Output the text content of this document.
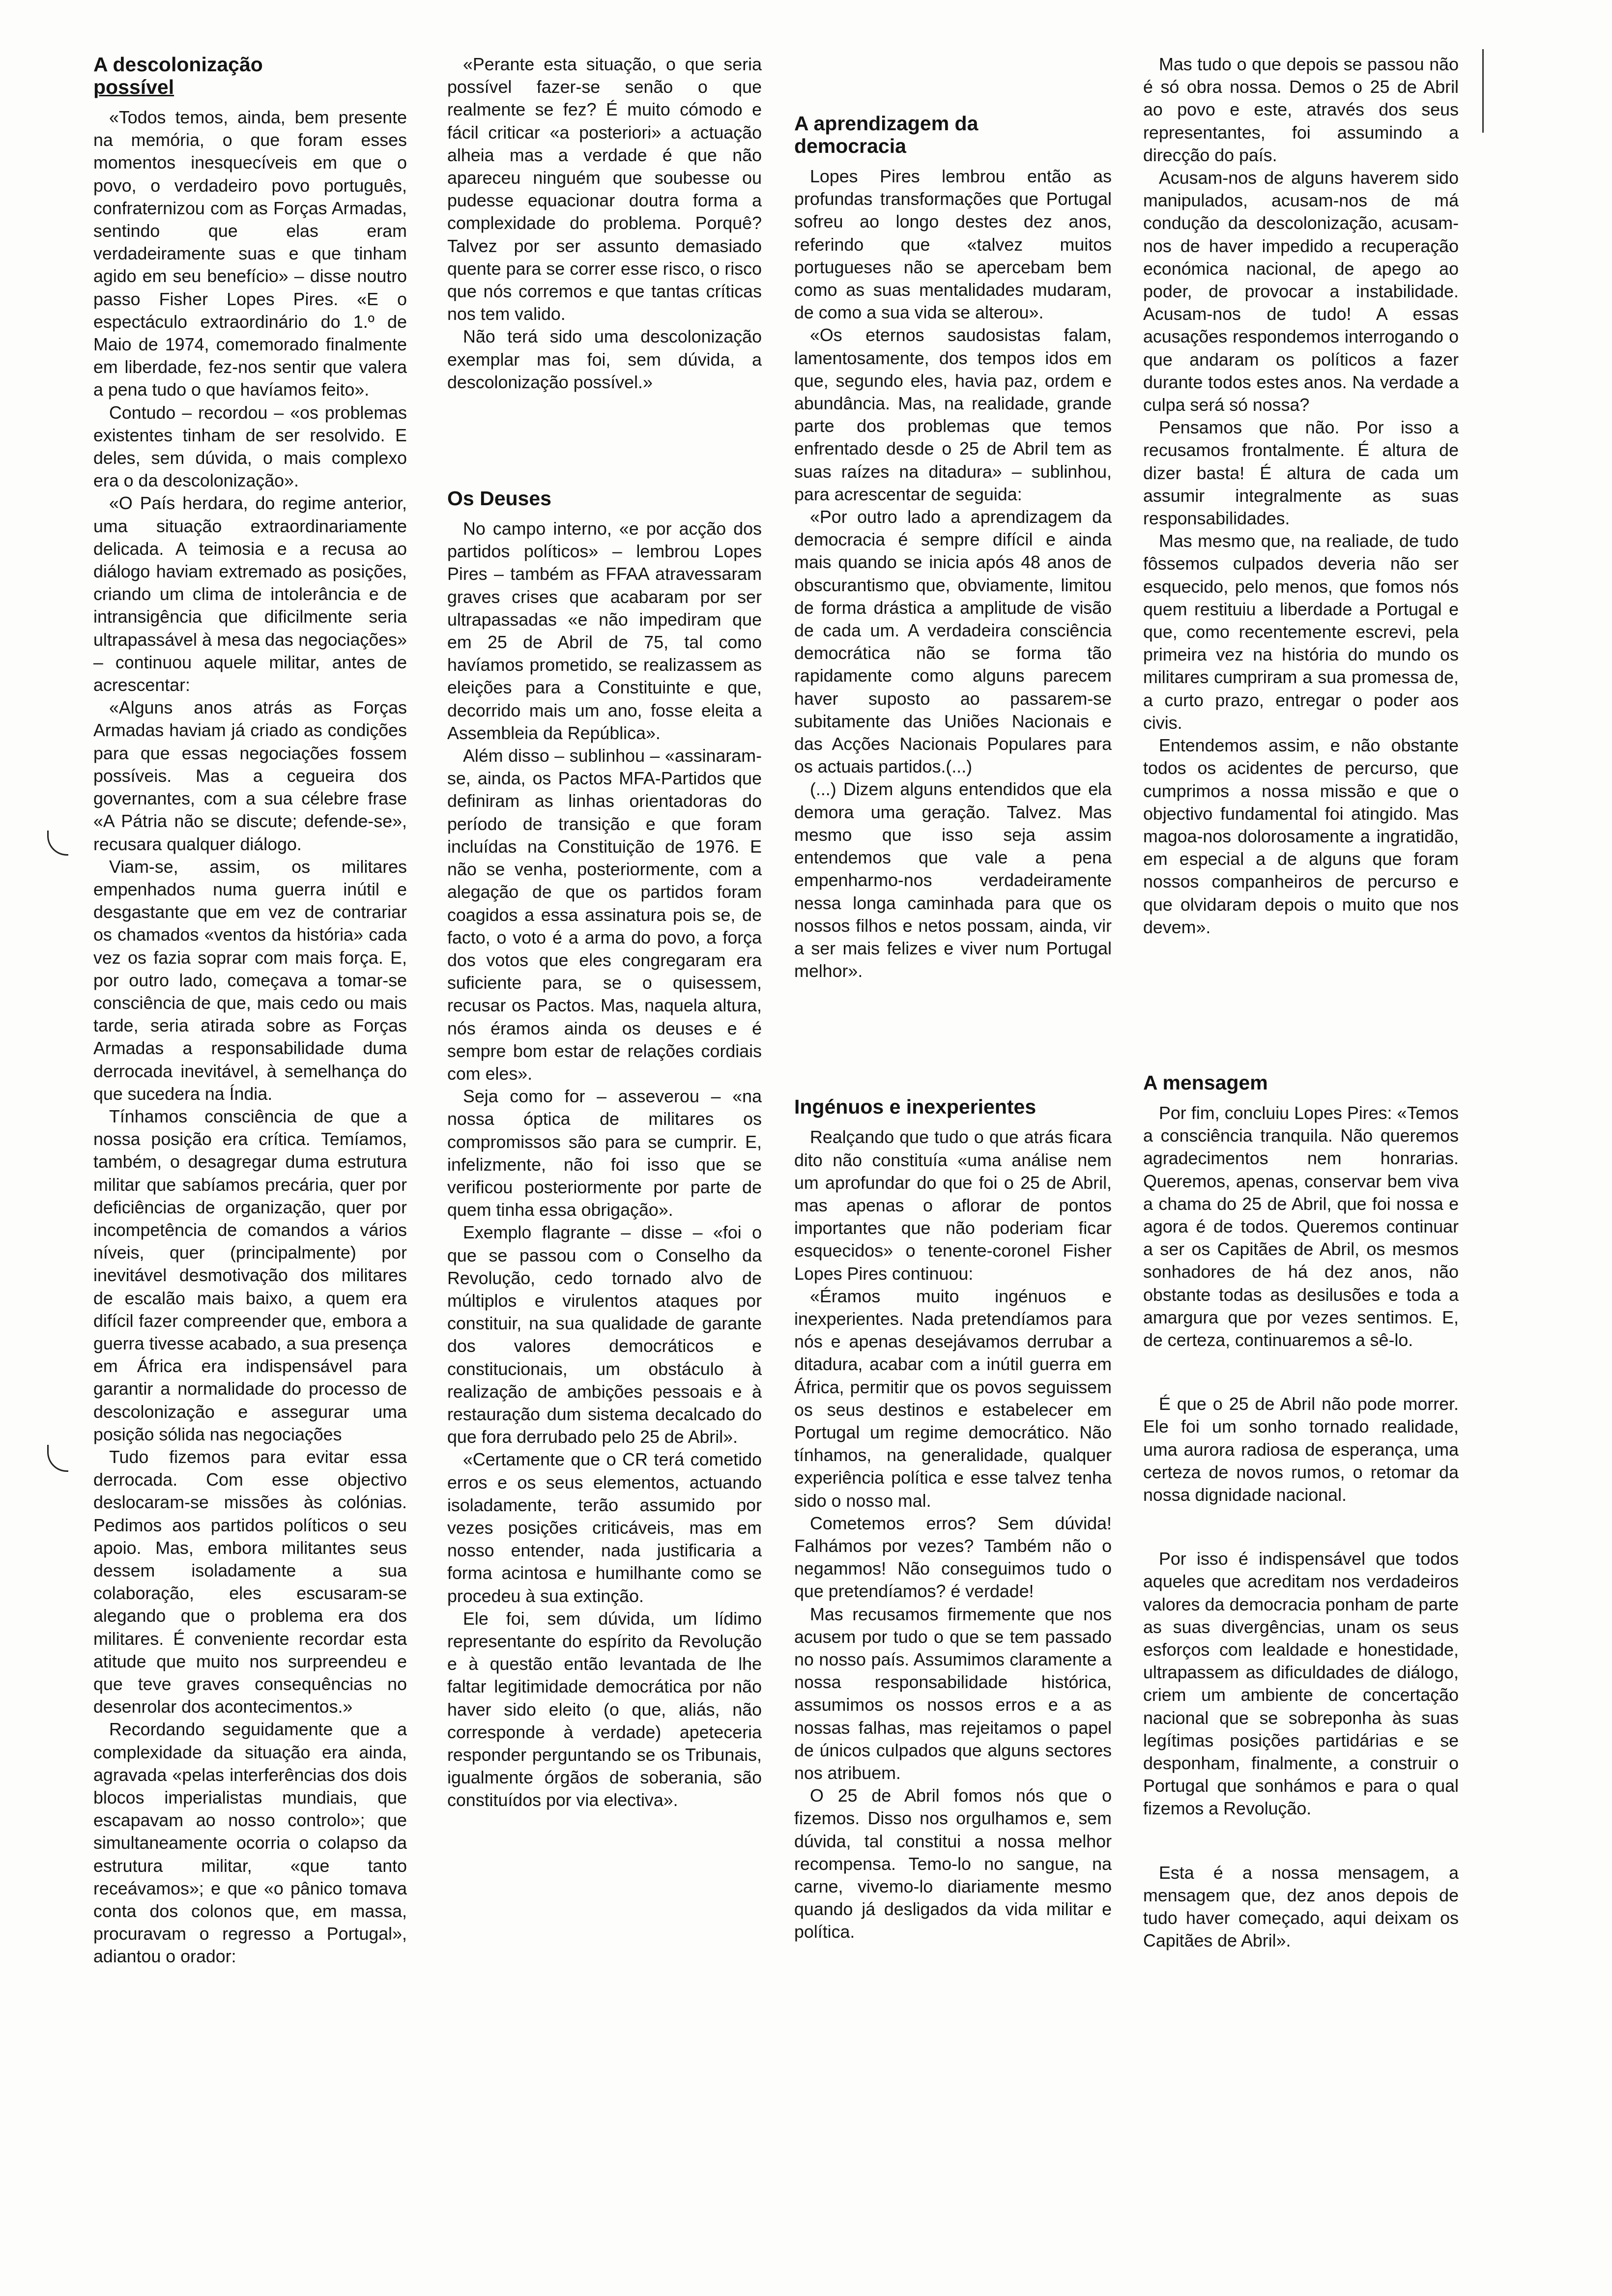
A descolonização
possível

«Todos temos, ainda, bem presente na memória, o que foram esses momentos inesquecíveis em que o povo, o verdadeiro povo português, confraternizou com as Forças Armadas, sentindo que elas eram verdadeiramente suas e que tinham agido em seu benefício» – disse noutro passo Fisher Lopes Pires. «E o espectáculo extraordinário do 1.º de Maio de 1974, comemorado finalmente em liberdade, fez-nos sentir que valera a pena tudo o que havíamos feito».

Contudo – recordou – «os problemas existentes tinham de ser resolvido. E deles, sem dúvida, o mais complexo era o da descolonização».

«O País herdara, do regime anterior, uma situação extraordinariamente delicada. A teimosia e a recusa ao diálogo haviam extremado as posições, criando um clima de intolerância e de intransigência que dificilmente seria ultrapassável à mesa das negociações» – continuou aquele militar, antes de acrescentar:

«Alguns anos atrás as Forças Armadas haviam já criado as condições para que essas negociações fossem possíveis. Mas a cegueira dos governantes, com a sua célebre frase «A Pátria não se discute; defende-se», recusara qualquer diálogo.

Viam-se, assim, os militares empenhados numa guerra inútil e desgastante que em vez de contrariar os chamados «ventos da história» cada vez os fazia soprar com mais força. E, por outro lado, começava a tomar-se consciência de que, mais cedo ou mais tarde, seria atirada sobre as Forças Armadas a responsabilidade duma derrocada inevitável, à semelhança do que sucedera na Índia.

Tínhamos consciência de que a nossa posição era crítica. Temíamos, também, o desagregar duma estrutura militar que sabíamos precária, quer por deficiências de organização, quer por incompetência de comandos a vários níveis, quer (principalmente) por inevitável desmotivação dos militares de escalão mais baixo, a quem era difícil fazer compreender que, embora a guerra tivesse acabado, a sua presença em África era indispensável para garantir a normalidade do processo de descolonização e assegurar uma posição sólida nas negociações

Tudo fizemos para evitar essa derrocada. Com esse objectivo deslocaram-se missões às colónias. Pedimos aos partidos políticos o seu apoio. Mas, embora militantes seus dessem isoladamente a sua colaboração, eles escusaram-se alegando que o problema era dos militares. É conveniente recordar esta atitude que muito nos surpreendeu e que teve graves consequências no desenrolar dos acontecimentos.»

Recordando seguidamente que a complexidade da situação era ainda, agravada «pelas interferências dos dois blocos imperialistas mundiais, que escapavam ao nosso controlo»; que simultaneamente ocorria o colapso da estrutura militar, «que tanto receávamos»; e que «o pânico tomava conta dos colonos que, em massa, procuravam o regresso a Portugal», adiantou o orador:

«Perante esta situação, o que seria possível fazer-se senão o que realmente se fez? É muito cómodo e fácil criticar «a posteriori» a actuação alheia mas a verdade é que não apareceu ninguém que soubesse ou pudesse equacionar doutra forma a complexidade do problema. Porquê? Talvez por ser assunto demasiado quente para se correr esse risco, o risco que nós corremos e que tantas críticas nos tem valido.

Não terá sido uma descolonização exemplar mas foi, sem dúvida, a descolonização possível.»

Os Deuses

No campo interno, «e por acção dos partidos políticos» – lembrou Lopes Pires – também as FFAA atravessaram graves crises que acabaram por ser ultrapassadas «e não impediram que em 25 de Abril de 75, tal como havíamos prometido, se realizassem as eleições para a Constituinte e que, decorrido mais um ano, fosse eleita a Assembleia da República».

Além disso – sublinhou – «assinaram-se, ainda, os Pactos MFA-Partidos que definiram as linhas orientadoras do período de transição e que foram incluídas na Constituição de 1976. E não se venha, posteriormente, com a alegação de que os partidos foram coagidos a essa assinatura pois se, de facto, o voto é a arma do povo, a força dos votos que eles congregaram era suficiente para, se o quisessem, recusar os Pactos. Mas, naquela altura, nós éramos ainda os deuses e é sempre bom estar de relações cordiais com eles».

Seja como for – asseverou – «na nossa óptica de militares os compromissos são para se cumprir. E, infelizmente, não foi isso que se verificou posteriormente por parte de quem tinha essa obrigação».

Exemplo flagrante – disse – «foi o que se passou com o Conselho da Revolução, cedo tornado alvo de múltiplos e virulentos ataques por constituir, na sua qualidade de garante dos valores democráticos e constitucionais, um obstáculo à realização de ambições pessoais e à restauração dum sistema decalcado do que fora derrubado pelo 25 de Abril».

«Certamente que o CR terá cometido erros e os seus elementos, actuando isoladamente, terão assumido por vezes posições criticáveis, mas em nosso entender, nada justificaria a forma acintosa e humilhante como se procedeu à sua extinção.

Ele foi, sem dúvida, um lídimo representante do espírito da Revolução e à questão então levantada de lhe faltar legitimidade democrática por não haver sido eleito (o que, aliás, não corresponde à verdade) apeteceria responder perguntando se os Tribunais, igualmente órgãos de soberania, são constituídos por via electiva».

A aprendizagem da
democracia

Lopes Pires lembrou então as profundas transformações que Portugal sofreu ao longo destes dez anos, referindo que «talvez muitos portugueses não se apercebam bem como as suas mentalidades mudaram, de como a sua vida se alterou».

«Os eternos saudosistas falam, lamentosamente, dos tempos idos em que, segundo eles, havia paz, ordem e abundância. Mas, na realidade, grande parte dos problemas que temos enfrentado desde o 25 de Abril tem as suas raízes na ditadura» – sublinhou, para acrescentar de seguida:

«Por outro lado a aprendizagem da democracia é sempre difícil e ainda mais quando se inicia após 48 anos de obscurantismo que, obviamente, limitou de forma drástica a amplitude de visão de cada um. A verdadeira consciência democrática não se forma tão rapidamente como alguns parecem haver suposto ao passarem-se subitamente das Uniões Nacionais e das Acções Nacionais Populares para os actuais partidos.(...)

(...) Dizem alguns entendidos que ela demora uma geração. Talvez. Mas mesmo que isso seja assim entendemos que vale a pena empenharmo-nos verdadeiramente nessa longa caminhada para que os nossos filhos e netos possam, ainda, vir a ser mais felizes e viver num Portugal melhor».

Ingénuos e inexperientes

Realçando que tudo o que atrás ficara dito não constituía «uma análise nem um aprofundar do que foi o 25 de Abril, mas apenas o aflorar de pontos importantes que não poderiam ficar esquecidos» o tenente-coronel Fisher Lopes Pires continuou:

«Éramos muito ingénuos e inexperientes. Nada pretendíamos para nós e apenas desejávamos derrubar a ditadura, acabar com a inútil guerra em África, permitir que os povos seguissem os seus destinos e estabelecer em Portugal um regime democrático. Não tínhamos, na generalidade, qualquer experiência política e esse talvez tenha sido o nosso mal.

Cometemos erros? Sem dúvida! Falhámos por vezes? Também não o negammos! Não conseguimos tudo o que pretendíamos? é verdade!

Mas recusamos firmemente que nos acusem por tudo o que se tem passado no nosso país. Assumimos claramente a nossa responsabilidade histórica, assumimos os nossos erros e a as nossas falhas, mas rejeitamos o papel de únicos culpados que alguns sectores nos atribuem.

O 25 de Abril fomos nós que o fizemos. Disso nos orgulhamos e, sem dúvida, tal constitui a nossa melhor recompensa. Temo-lo no sangue, na carne, vivemo-lo diariamente mesmo quando já desligados da vida militar e política.

Mas tudo o que depois se passou não é só obra nossa. Demos o 25 de Abril ao povo e este, através dos seus representantes, foi assumindo a direcção do país.

Acusam-nos de alguns haverem sido manipulados, acusam-nos de má condução da descolonização, acusam-nos de haver impedido a recuperação económica nacional, de apego ao poder, de provocar a instabilidade. Acusam-nos de tudo! A essas acusações respondemos interrogando o que andaram os políticos a fazer durante todos estes anos. Na verdade a culpa será só nossa?

Pensamos que não. Por isso a recusamos frontalmente. É altura de dizer basta! É altura de cada um assumir integralmente as suas responsabilidades.

Mas mesmo que, na realiade, de tudo fôssemos culpados deveria não ser esquecido, pelo menos, que fomos nós quem restituiu a liberdade a Portugal e que, como recentemente escrevi, pela primeira vez na história do mundo os militares cumpriram a sua promessa de, a curto prazo, entregar o poder aos civis.

Entendemos assim, e não obstante todos os acidentes de percurso, que cumprimos a nossa missão e que o objectivo fundamental foi atingido. Mas magoa-nos dolorosamente a ingratidão, em especial a de alguns que foram nossos companheiros de percurso e que olvidaram depois o muito que nos devem».

A mensagem

Por fim, concluiu Lopes Pires: «Temos a consciência tranquila. Não queremos agradecimentos nem honrarias. Queremos, apenas, conservar bem viva a chama do 25 de Abril, que foi nossa e agora é de todos. Queremos continuar a ser os Capitães de Abril, os mesmos sonhadores de há dez anos, não obstante todas as desilusões e toda a amargura que por vezes sentimos. E, de certeza, continuaremos a sê-lo.

É que o 25 de Abril não pode morrer. Ele foi um sonho tornado realidade, uma aurora radiosa de esperança, uma certeza de novos rumos, o retomar da nossa dignidade nacional.

Por isso é indispensável que todos aqueles que acreditam nos verdadeiros valores da democracia ponham de parte as suas divergências, unam os seus esforços com lealdade e honestidade, ultrapassem as dificuldades de diálogo, criem um ambiente de concertação nacional que se sobreponha às suas legítimas posições partidárias e se desponham, finalmente, a construir o Portugal que sonhámos e para o qual fizemos a Revolução.

Esta é a nossa mensagem, a mensagem que, dez anos depois de tudo haver começado, aqui deixam os Capitães de Abril».
